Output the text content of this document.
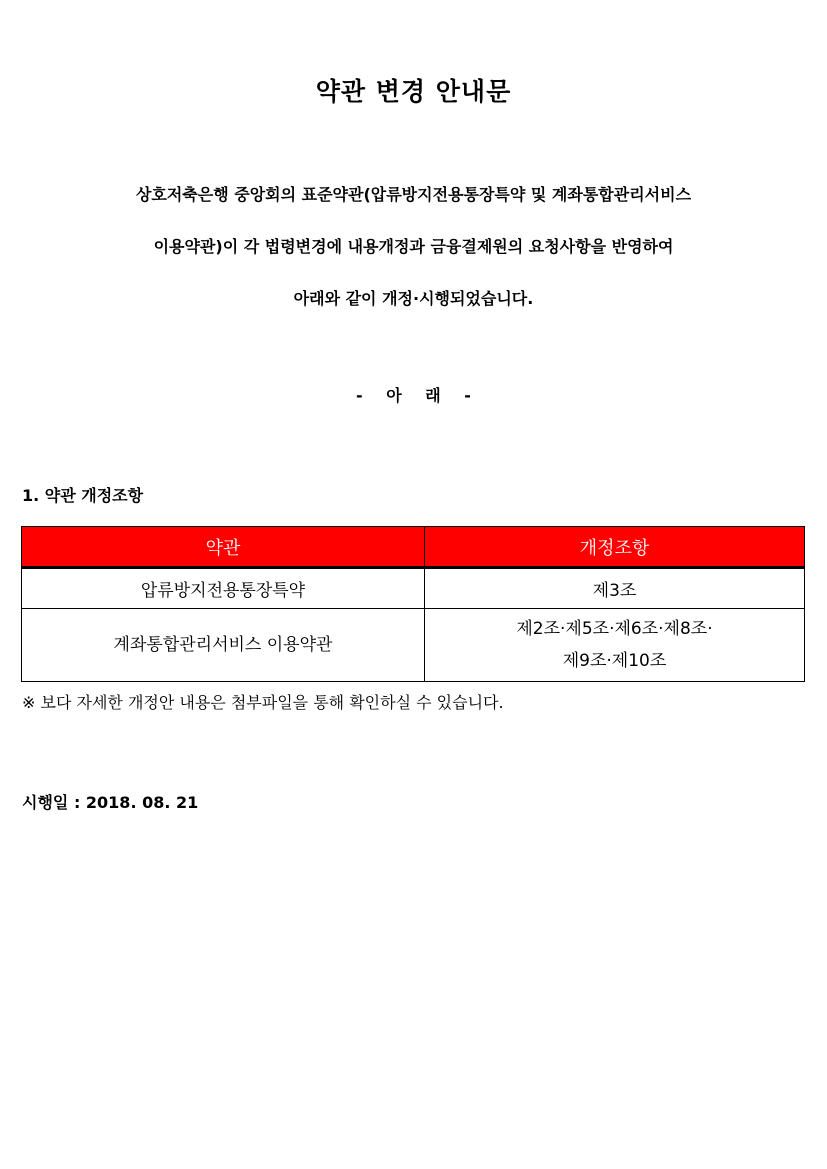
약관 변경 안내문

상호저축은행 중앙회의 표준약관(압류방지전용통장특약 및 계좌통합관리서비스

이용약관)이 각 법령변경에 내용개정과 금융결제원의 요청사항을 반영하여

아래와 같이 개정·시행되었습니다.

- 아 래 -
1. 약관 개정조항
약관	개정조항
압류방지전용통장특약	제3조
계좌통합관리서비스 이용약관	제2조·제5조·제6조·제8조·
제9조·제10조
※ 보다 자세한 개정안 내용은 첨부파일을 통해 확인하실 수 있습니다.
시행일 : 2018. 08. 21
